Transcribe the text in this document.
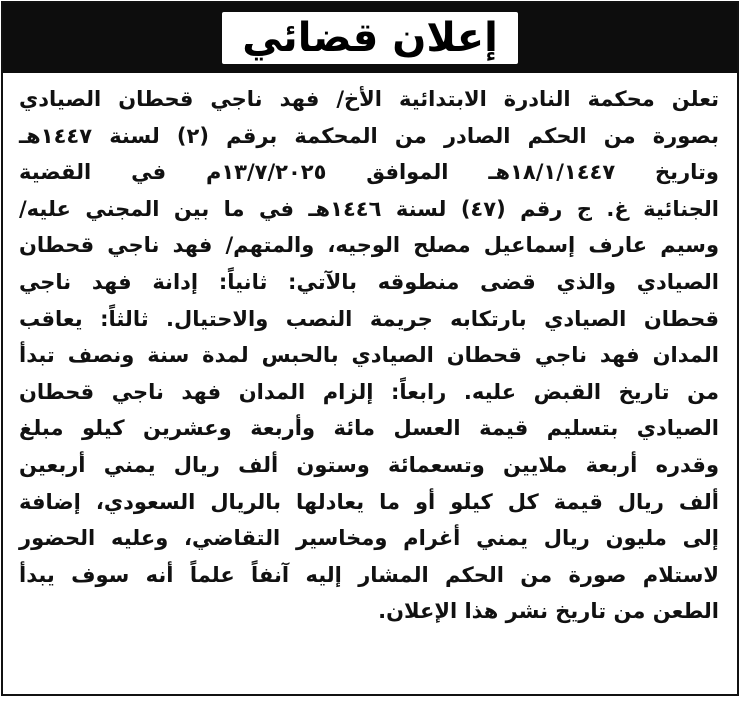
إعلان قضائي
تعلن محكمة النادرة الابتدائية الأخ/ فهد ناجي قحطان الصيادي
بصورة من الحكم الصادر من المحكمة برقم (٢) لسنة ١٤٤٧هـ
وتاريخ ١٨/١/١٤٤٧هـ الموافق ١٣/٧/٢٠٢٥م في القضية
الجنائية غ. ج رقم (٤٧) لسنة ١٤٤٦هـ في ما بين المجني عليه/
وسيم عارف إسماعيل مصلح الوجيه، والمتهم/ فهد ناجي قحطان
الصيادي والذي قضى منطوقه بالآتي: ثانياً: إدانة فهد ناجي
قحطان الصيادي بارتكابه جريمة النصب والاحتيال. ثالثاً: يعاقب
المدان فهد ناجي قحطان الصيادي بالحبس لمدة سنة ونصف تبدأ
من تاريخ القبض عليه. رابعاً: إلزام المدان فهد ناجي قحطان
الصيادي بتسليم قيمة العسل مائة وأربعة وعشرين كيلو مبلغ
وقدره أربعة ملايين وتسعمائة وستون ألف ريال يمني أربعين
ألف ريال قيمة كل كيلو أو ما يعادلها بالريال السعودي، إضافة
إلى مليون ريال يمني أغرام ومخاسير التقاضي، وعليه الحضور
لاستلام صورة من الحكم المشار إليه آنفاً علماً أنه سوف يبدأ
الطعن من تاريخ نشر هذا الإعلان.
